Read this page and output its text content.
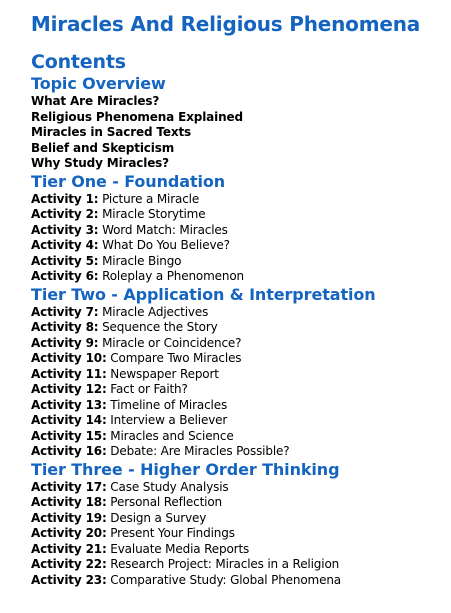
Miracles And Religious Phenomena
Contents
Topic Overview
What Are Miracles?
Religious Phenomena Explained
Miracles in Sacred Texts
Belief and Skepticism
Why Study Miracles?
Tier One - Foundation
Activity 1: Picture a Miracle
Activity 2: Miracle Storytime
Activity 3: Word Match: Miracles
Activity 4: What Do You Believe?
Activity 5: Miracle Bingo
Activity 6: Roleplay a Phenomenon
Tier Two - Application & Interpretation
Activity 7: Miracle Adjectives
Activity 8: Sequence the Story
Activity 9: Miracle or Coincidence?
Activity 10: Compare Two Miracles
Activity 11: Newspaper Report
Activity 12: Fact or Faith?
Activity 13: Timeline of Miracles
Activity 14: Interview a Believer
Activity 15: Miracles and Science
Activity 16: Debate: Are Miracles Possible?
Tier Three - Higher Order Thinking
Activity 17: Case Study Analysis
Activity 18: Personal Reflection
Activity 19: Design a Survey
Activity 20: Present Your Findings
Activity 21: Evaluate Media Reports
Activity 22: Research Project: Miracles in a Religion
Activity 23: Comparative Study: Global Phenomena
